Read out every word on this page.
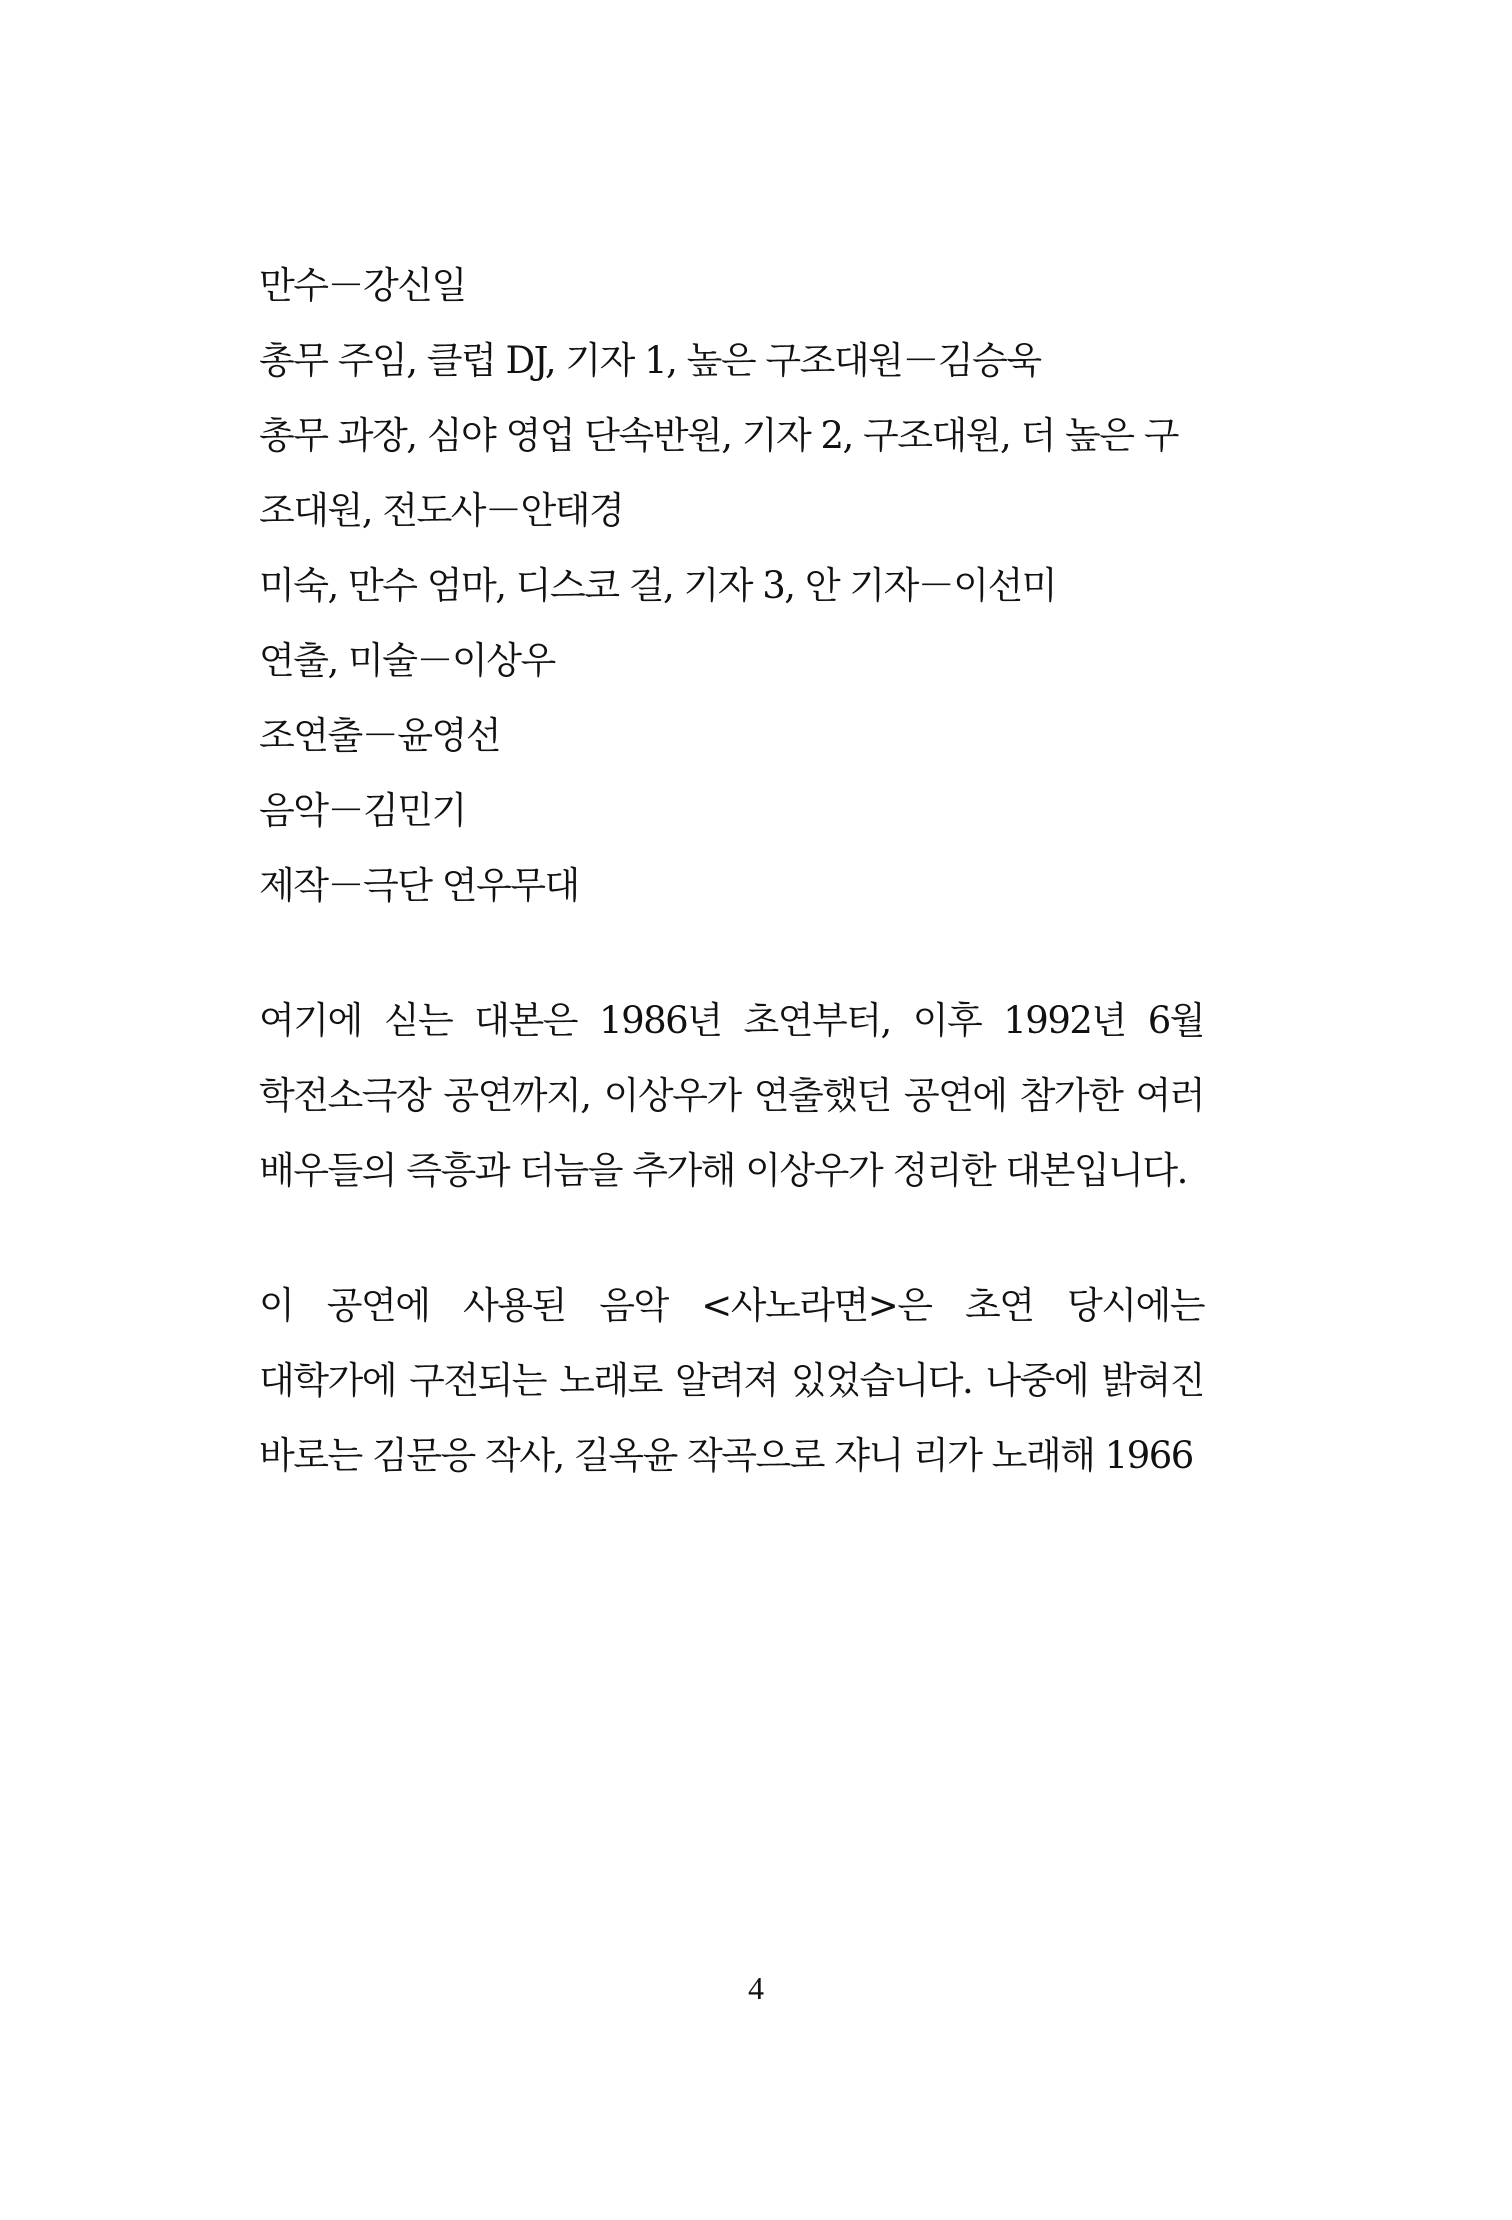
만수－강신일
총무 주임, 클럽 DJ, 기자 1, 높은 구조대원－김승욱
총무 과장, 심야 영업 단속반원, 기자 2, 구조대원, 더 높은 구조대원, 전도사－안태경
미숙, 만수 엄마, 디스코 걸, 기자 3, 안 기자－이선미
연출, 미술－이상우
조연출－윤영선
음악－김민기
제작－극단 연우무대

여기에 싣는 대본은 1986년 초연부터, 이후 1992년 6월 학전소극장 공연까지, 이상우가 연출했던 공연에 참가한 여러 배우들의 즉흥과 더늠을 추가해 이상우가 정리한 대본입니다.

이 공연에 사용된 음악 <사노라면>은 초연 당시에는 대학가에 구전되는 노래로 알려져 있었습니다. 나중에 밝혀진 바로는 김문응 작사, 길옥윤 작곡으로 쟈니 리가 노래해 1966

4
